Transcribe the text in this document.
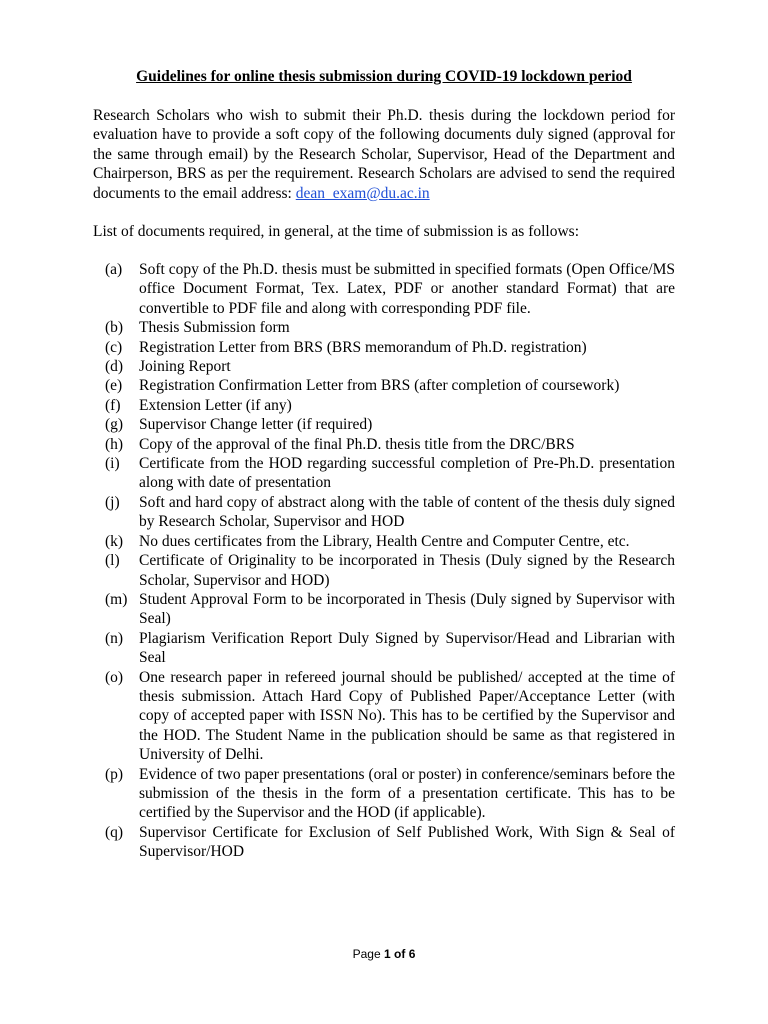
Guidelines for online thesis submission during COVID-19 lockdown period
Research Scholars who wish to submit their Ph.D. thesis during the lockdown period for evaluation have to provide a soft copy of the following documents duly signed (approval for the same through email) by the Research Scholar, Supervisor, Head of the Department and Chairperson, BRS as per the requirement. Research Scholars are advised to send the required documents to the email address: dean_exam@du.ac.in
List of documents required, in general, at the time of submission is as follows:
(a)	Soft copy of the Ph.D. thesis must be submitted in specified formats (Open Office/MS office Document Format, Tex. Latex, PDF or another standard Format) that are convertible to PDF file and along with corresponding PDF file.
(b)	Thesis Submission form
(c)	Registration Letter from BRS (BRS memorandum of Ph.D. registration)
(d)	Joining Report
(e)	Registration Confirmation Letter from BRS (after completion of coursework)
(f)	Extension Letter (if any)
(g)	Supervisor Change letter (if required)
(h)	Copy of the approval of the final Ph.D. thesis title from the DRC/BRS
(i)	Certificate from the HOD regarding successful completion of Pre-Ph.D. presentation along with date of presentation
(j)	Soft and hard copy of abstract along with the table of content of the thesis duly signed by Research Scholar, Supervisor and HOD
(k)	No dues certificates from the Library, Health Centre and Computer Centre, etc.
(l)	Certificate of Originality to be incorporated in Thesis (Duly signed by the Research Scholar, Supervisor and HOD)
(m) Student Approval Form to be incorporated in Thesis (Duly signed by Supervisor with Seal)
(n)	Plagiarism Verification Report Duly Signed by Supervisor/Head and Librarian with Seal
(o)	One research paper in refereed journal should be published/ accepted at the time of thesis submission. Attach Hard Copy of Published Paper/Acceptance Letter (with copy of accepted paper with ISSN No). This has to be certified by the Supervisor and the HOD. The Student Name in the publication should be same as that registered in University of Delhi.
(p)	Evidence of two paper presentations (oral or poster) in conference/seminars before the submission of the thesis in the form of a presentation certificate. This has to be certified by the Supervisor and the HOD (if applicable).
(q)	Supervisor Certificate for Exclusion of Self Published Work, With Sign & Seal of Supervisor/HOD
Page 1 of 6
